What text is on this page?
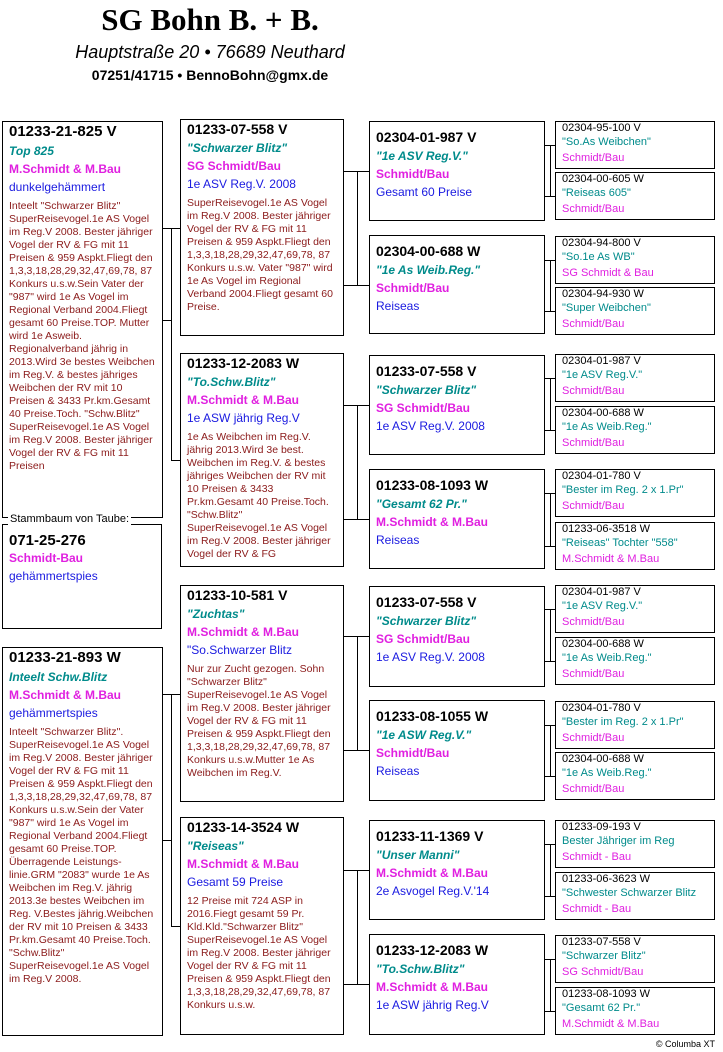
SG Bohn B. + B.
Hauptstraße 20 • 76689 Neuthard
07251/41715 • BennoBohn@gmx.de
01233-21-825 V
Top 825
M.Schmidt & M.Bau
dunkelgehämmert
Inteelt "Schwarzer Blitz" SuperReisevogel.1e AS Vogel im Reg.V 2008. Bester jähriger Vogel der RV & FG mit 11 Preisen & 959 Aspkt.Fliegt den 1,3,3,18,28,29,32,47,69,78, 87 Konkurs u.s.w.Sein Vater der "987" wird 1e As Vogel im Regional Verband 2004.Fliegt gesamt 60 Preise.TOP. Mutter wird 1e Asweib. Regionalverband jährig in 2013.Wird 3e bestes Weibchen im Reg.V. & bestes jähriges Weibchen der RV mit 10 Preisen & 3433 Pr.km.Gesamt 40 Preise.Toch. "Schw.Blitz" SuperReisevogel.1e AS Vogel im Reg.V 2008. Bester jähriger Vogel der RV & FG mit 11 Preisen
071-25-276
Schmidt-Bau
gehämmertspies
Stammbaum von Taube:
01233-21-893 W
Inteelt Schw.Blitz
M.Schmidt & M.Bau
gehämmertspies
Inteelt "Schwarzer Blitz". SuperReisevogel.1e AS Vogel im Reg.V 2008. Bester jähriger Vogel der RV & FG mit 11 Preisen & 959 Aspkt.Fliegt den 1,3,3,18,28,29,32,47,69,78, 87 Konkurs u.s.w.Sein der Vater "987" wird 1e As Vogel im Regional Verband 2004.Fliegt gesamt 60 Preise.TOP. Überragende Leistungs- linie.GRM "2083" wurde 1e As Weibchen im Reg.V. jährig 2013.3e bestes Weibchen im Reg. V.Bestes jährig.Weibchen der RV mit 10 Preisen & 3433 Pr.km.Gesamt 40 Preise.Toch. "Schw.Blitz" SuperReisevogel.1e AS Vogel im Reg.V 2008.
01233-07-558 V
"Schwarzer Blitz"
SG Schmidt/Bau
1e ASV Reg.V. 2008
SuperReisevogel.1e AS Vogel im Reg.V 2008. Bester jähriger Vogel der RV & FG mit 11 Preisen & 959 Aspkt.Fliegt den 1,3,3,18,28,29,32,47,69,78, 87 Konkurs u.s.w. Vater "987" wird 1e As Vogel im Regional Verband 2004.Fliegt gesamt 60 Preise.
01233-12-2083 W
"To.Schw.Blitz"
M.Schmidt & M.Bau
1e ASW jährig Reg.V
1e As Weibchen im Reg.V. jährig 2013.Wird 3e best. Weibchen im Reg.V. & bestes jähriges Weibchen der RV mit 10 Preisen & 3433 Pr.km.Gesamt 40 Preise.Toch. "Schw.Blitz" SuperReisevogel.1e AS Vogel im Reg.V 2008. Bester jähriger Vogel der RV & FG
01233-10-581 V
"Zuchtas"
M.Schmidt & M.Bau
"So.Schwarzer Blitz
Nur zur Zucht gezogen. Sohn "Schwarzer Blitz" SuperReisevogel.1e AS Vogel im Reg.V 2008. Bester jähriger Vogel der RV & FG mit 11 Preisen & 959 Aspkt.Fliegt den 1,3,3,18,28,29,32,47,69,78, 87 Konkurs u.s.w.Mutter 1e As Weibchen im Reg.V.
01233-14-3524 W
"Reiseas"
M.Schmidt & M.Bau
Gesamt 59 Preise
12 Preise mit 724 ASP in 2016.Fiegt gesamt 59 Pr. Kld.Kld."Schwarzer Blitz" SuperReisevogel.1e AS Vogel im Reg.V 2008. Bester jähriger Vogel der RV & FG mit 11 Preisen & 959 Aspkt.Fliegt den 1,3,3,18,28,29,32,47,69,78, 87 Konkurs u.s.w.
02304-01-987 V
"1e ASV Reg.V."
Schmidt/Bau
Gesamt 60 Preise
02304-00-688 W
"1e As Weib.Reg."
Schmidt/Bau
Reiseas
01233-07-558 V
"Schwarzer Blitz"
SG Schmidt/Bau
1e ASV Reg.V. 2008
01233-08-1093 W
"Gesamt 62 Pr."
M.Schmidt & M.Bau
Reiseas
01233-07-558 V
"Schwarzer Blitz"
SG Schmidt/Bau
1e ASV Reg.V. 2008
01233-08-1055 W
"1e ASW Reg.V."
Schmidt/Bau
Reiseas
01233-11-1369 V
"Unser Manni"
M.Schmidt & M.Bau
2e Asvogel Reg.V.'14
01233-12-2083 W
"To.Schw.Blitz"
M.Schmidt & M.Bau
1e ASW jährig Reg.V
02304-95-100 V
"So.As Weibchen"
Schmidt/Bau
02304-00-605 W
"Reiseas 605"
Schmidt/Bau
02304-94-800 V
"So.1e As WB"
SG Schmidt & Bau
02304-94-930 W
"Super Weibchen"
Schmidt/Bau
02304-01-987 V
"1e ASV Reg.V."
Schmidt/Bau
02304-00-688 W
"1e As Weib.Reg."
Schmidt/Bau
02304-01-780 V
"Bester im Reg. 2 x 1.Pr"
Schmidt/Bau
01233-06-3518 W
"Reiseas" Tochter "558"
M.Schmidt & M.Bau
02304-01-987 V
"1e ASV Reg.V."
Schmidt/Bau
02304-00-688 W
"1e As Weib.Reg."
Schmidt/Bau
02304-01-780 V
"Bester im Reg. 2 x 1.Pr"
Schmidt/Bau
02304-00-688 W
"1e As Weib.Reg."
Schmidt/Bau
01233-09-193 V
Bester Jähriger im Reg
Schmidt - Bau
01233-06-3623 W
"Schwester Schwarzer Blitz
Schmidt - Bau
01233-07-558 V
"Schwarzer Blitz"
SG Schmidt/Bau
01233-08-1093 W
"Gesamt 62 Pr."
M.Schmidt & M.Bau
© Columba XT
